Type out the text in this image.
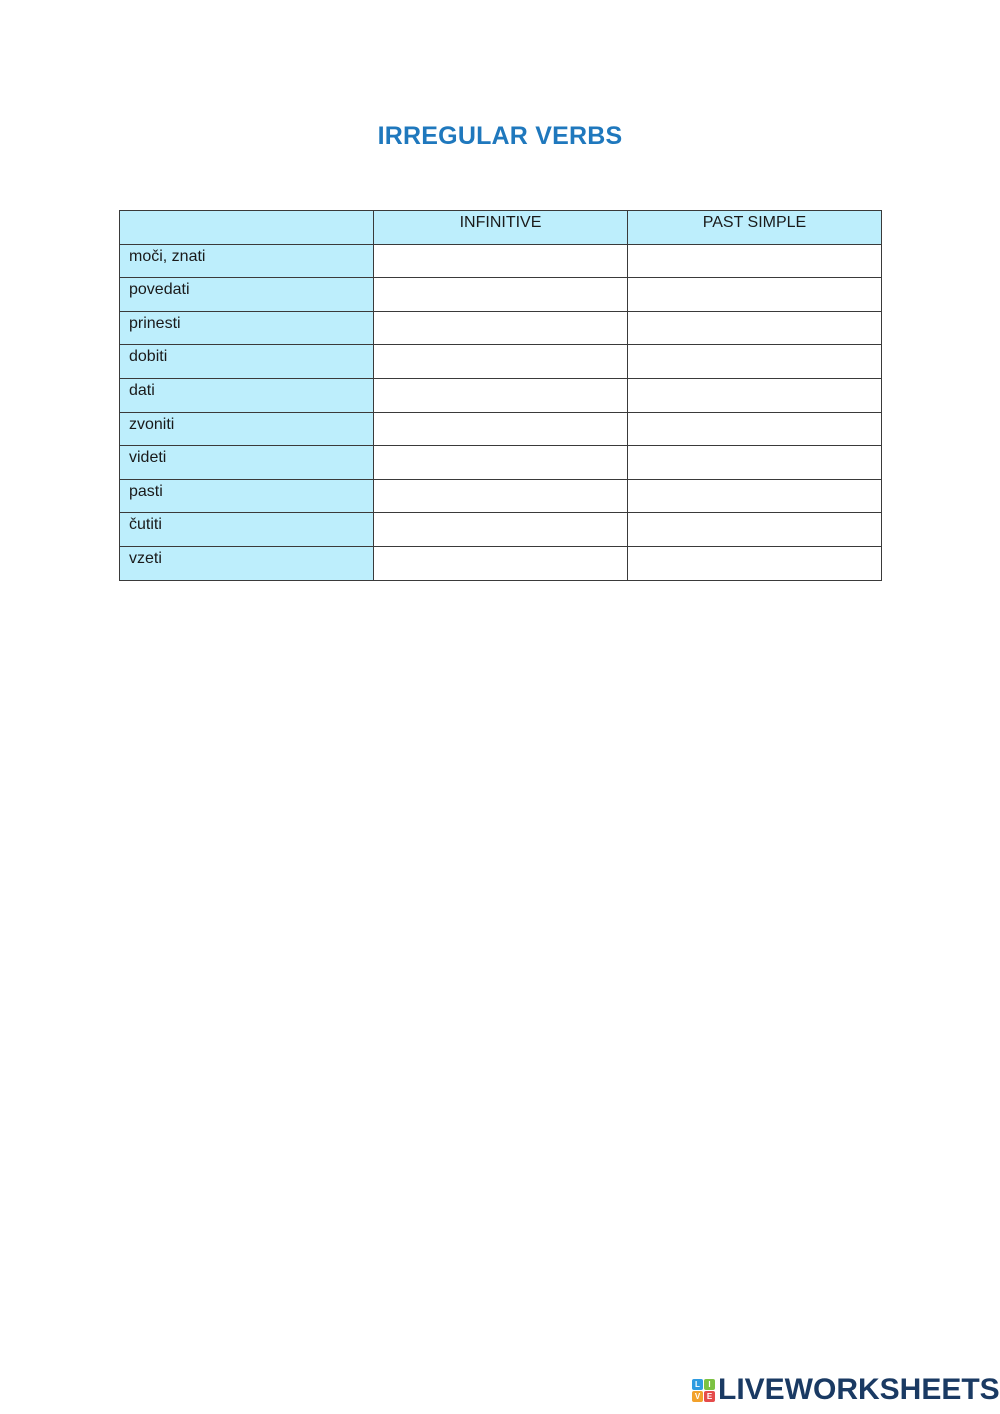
IRREGULAR VERBS
	INFINITIVE	PAST SIMPLE
moči, znati		
povedati		
prinesti		
dobiti		
dati		
zvoniti		
videti		
pasti		
čutiti		
vzeti		
L	I
V E LIVEWORKSHEETS
